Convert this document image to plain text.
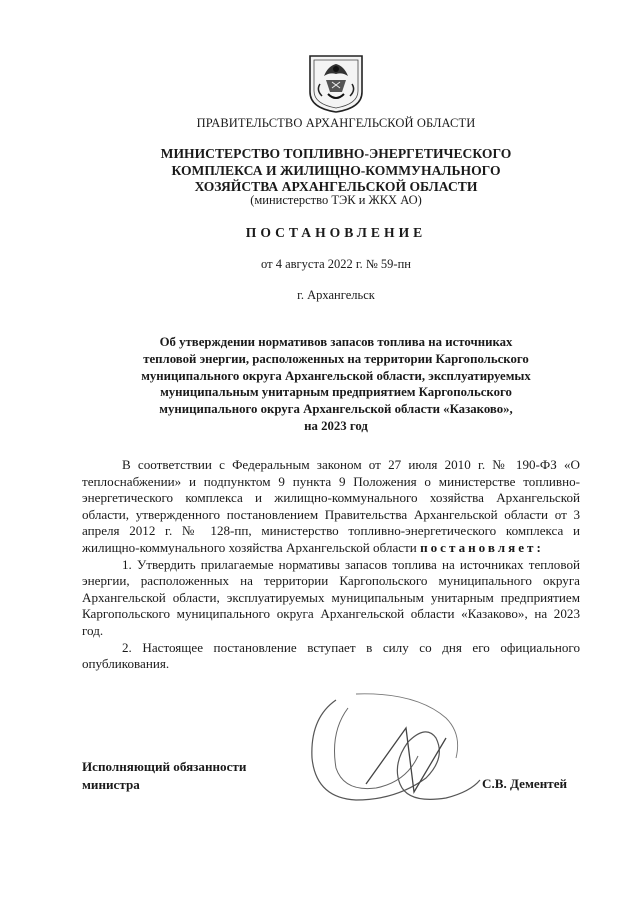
ПРАВИТЕЛЬСТВО АРХАНГЕЛЬСКОЙ ОБЛАСТИ
МИНИСТЕРСТВО ТОПЛИВНО-ЭНЕРГЕТИЧЕСКОГО
КОМПЛЕКСА И ЖИЛИЩНО-КОММУНАЛЬНОГО
ХОЗЯЙСТВА АРХАНГЕЛЬСКОЙ ОБЛАСТИ
(министерство ТЭК и ЖКХ АО)
ПОСТАНОВЛЕНИЕ
от 4 августа 2022 г. № 59-пн
г. Архангельск
Об утверждении нормативов запасов топлива на источниках
тепловой энергии, расположенных на территории Каргопольского
муниципального округа Архангельской области, эксплуатируемых
муниципальным унитарным предприятием Каргопольского
муниципального округа Архангельской области «Казаково»,
на 2023 год

В соответствии с Федеральным законом от 27 июля 2010 г. № 190-ФЗ «О теплоснабжении» и подпунктом 9 пункта 9 Положения о министерстве топливно-энергетического комплекса и жилищно-коммунального хозяйства Архангельской области, утвержденного постановлением Правительства Архангельской области от 3 апреля 2012 г. № 128-пп, министерство топливно-энергетического комплекса и жилищно-коммунального хозяйства Архангельской области постановляет:

1. Утвердить прилагаемые нормативы запасов топлива на источниках тепловой энергии, расположенных на территории Каргопольского муниципального округа Архангельской области, эксплуатируемых муниципальным унитарным предприятием Каргопольского муниципального округа Архангельской области «Казаково», на 2023 год.

2. Настоящее постановление вступает в силу со дня его официального опубликования.

Исполняющий обязанности
министра	С.В. Дементей
